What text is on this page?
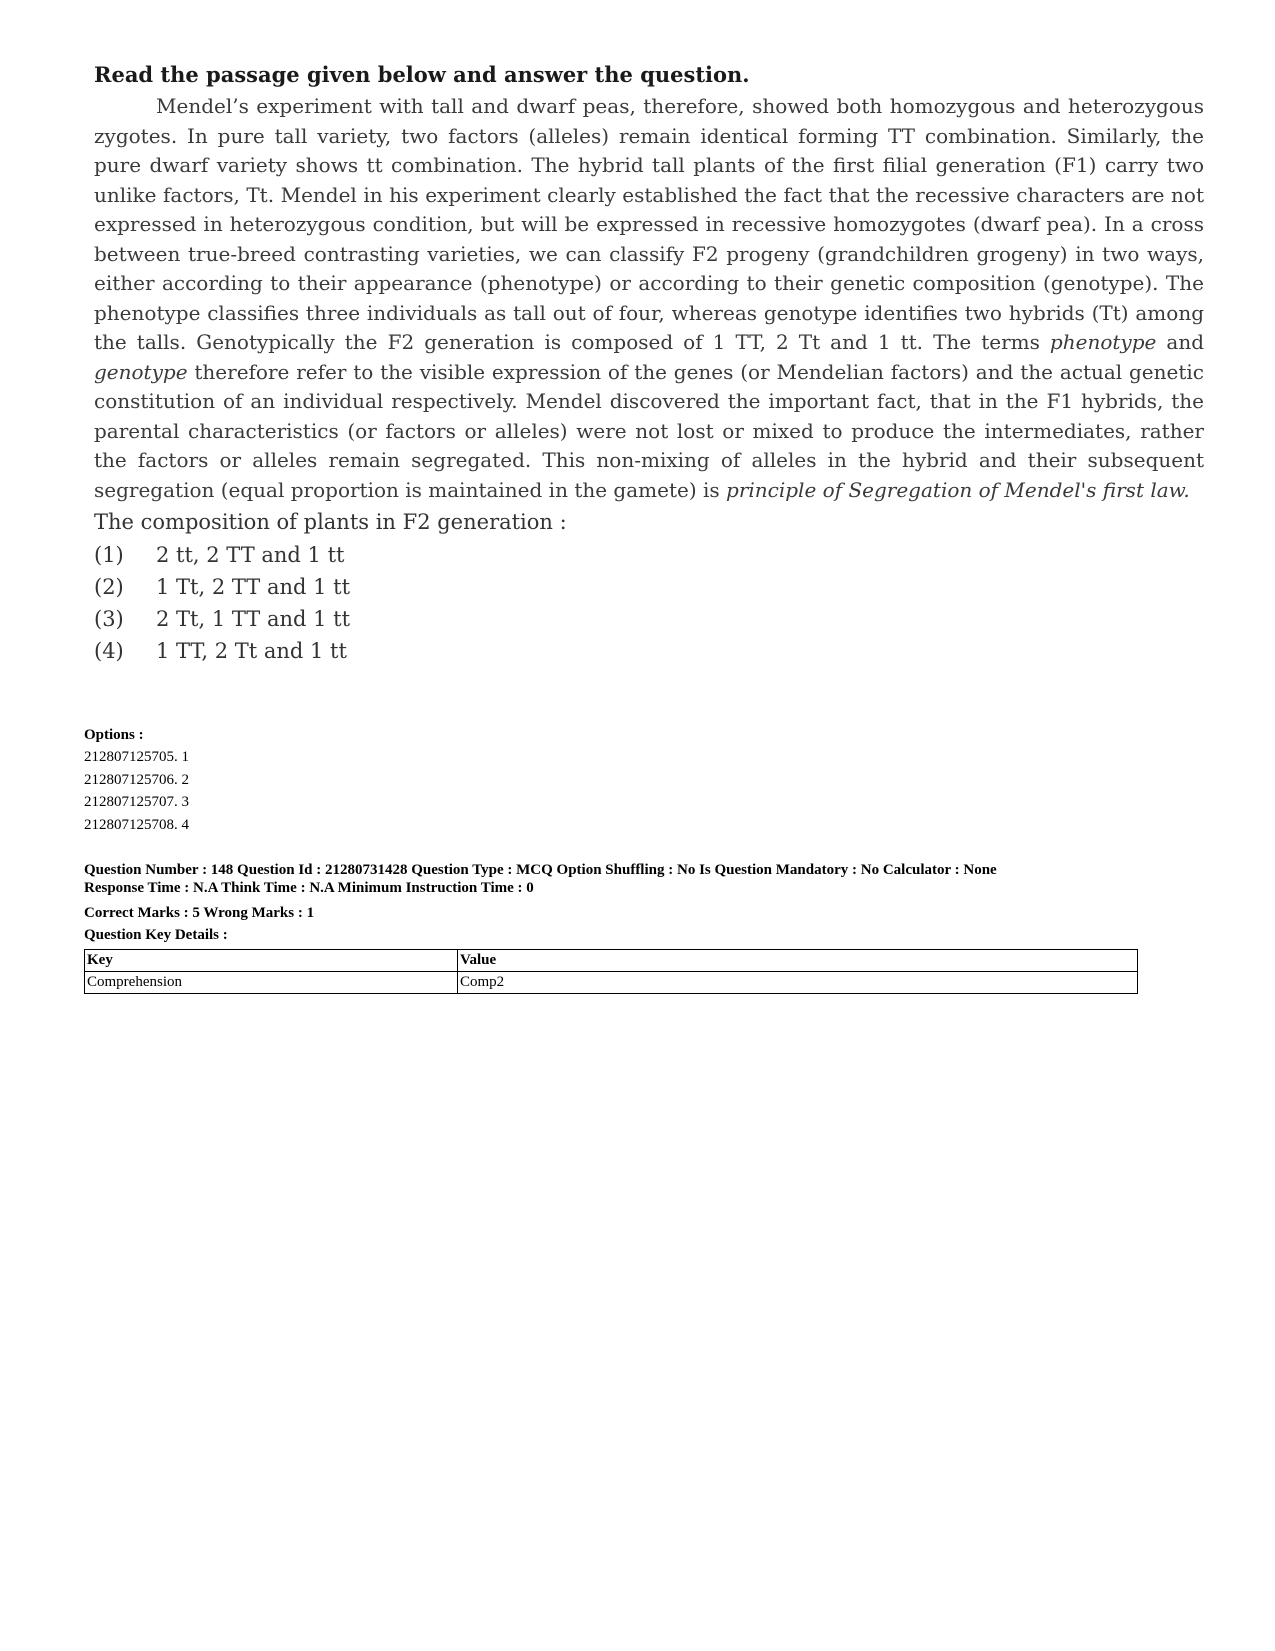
Read the passage given below and answer the question.

Mendel’s experiment with tall and dwarf peas, therefore, showed both homozygous and heterozygous zygotes. In pure tall variety, two factors (alleles) remain identical forming TT combination. Similarly, the pure dwarf variety shows tt combination. The hybrid tall plants of the first filial generation (F1) carry two unlike factors, Tt. Mendel in his experiment clearly established the fact that the recessive characters are not expressed in heterozygous condition, but will be expressed in recessive homozygotes (dwarf pea). In a cross between true-breed contrasting varieties, we can classify F2 progeny (grandchildren grogeny) in two ways, either according to their appearance (phenotype) or according to their genetic composition (genotype). The phenotype classifies three individuals as tall out of four, whereas genotype identifies two hybrids (Tt) among the talls. Genotypically the F2 generation is composed of 1 TT, 2 Tt and 1 tt. The terms phenotype and genotype therefore refer to the visible expression of the genes (or Mendelian factors) and the actual genetic constitution of an individual respectively. Mendel discovered the important fact, that in the F1 hybrids, the parental characteristics (or factors or alleles) were not lost or mixed to produce the intermediates, rather the factors or alleles remain segregated. This non-mixing of alleles in the hybrid and their subsequent segregation (equal proportion is maintained in the gamete) is principle of Segregation of Mendel's first law.

The composition of plants in F2 generation :
(1)	2 tt, 2 TT and 1 tt
(2)	1 Tt, 2 TT and 1 tt
(3)	2 Tt, 1 TT and 1 tt
(4)	1 TT, 2 Tt and 1 tt
Options :
212807125705. 1
212807125706. 2
212807125707. 3
212807125708. 4
Question Number : 148 Question Id : 21280731428 Question Type : MCQ Option Shuffling : No Is Question Mandatory : No Calculator : None
Response Time : N.A Think Time : N.A Minimum Instruction Time : 0
Correct Marks : 5 Wrong Marks : 1
Question Key Details :
Key	Value
Comprehension	Comp2
